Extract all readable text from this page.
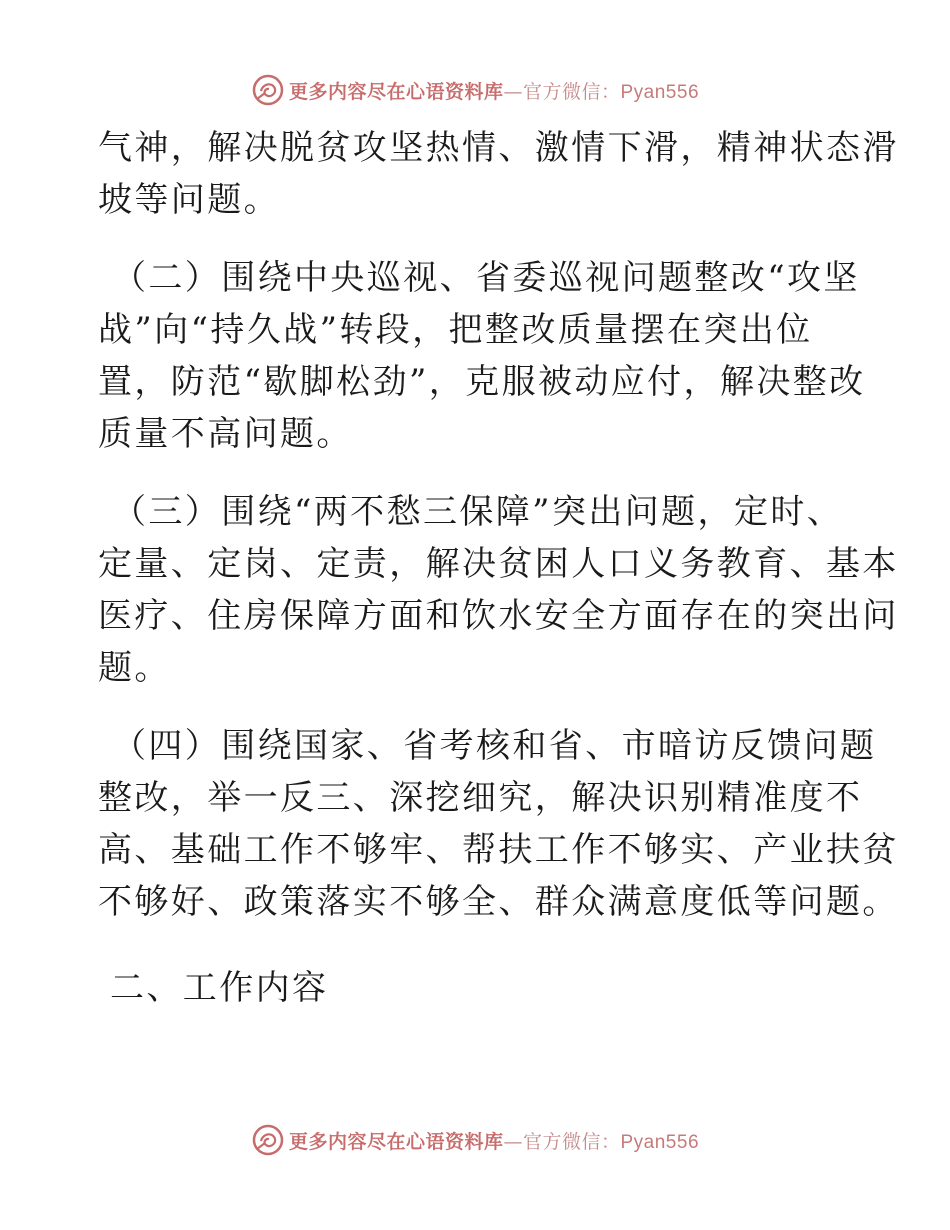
更多内容尽在心语资料库—官方微信：Pyan556

气神，解决脱贫攻坚热情、激情下滑，精神状态滑
坡等问题。

（二）围绕中央巡视、省委巡视问题整改“攻坚
战”向“持久战”转段，把整改质量摆在突出位
置，防范“歇脚松劲”，克服被动应付，解决整改
质量不高问题。

（三）围绕“两不愁三保障”突出问题，定时、
定量、定岗、定责，解决贫困人口义务教育、基本
医疗、住房保障方面和饮水安全方面存在的突出问
题。

（四）围绕国家、省考核和省、市暗访反馈问题
整改，举一反三、深挖细究，解决识别精准度不
高、基础工作不够牢、帮扶工作不够实、产业扶贫
不够好、政策落实不够全、群众满意度低等问题。

二、工作内容
更多内容尽在心语资料库—官方微信：Pyan556
